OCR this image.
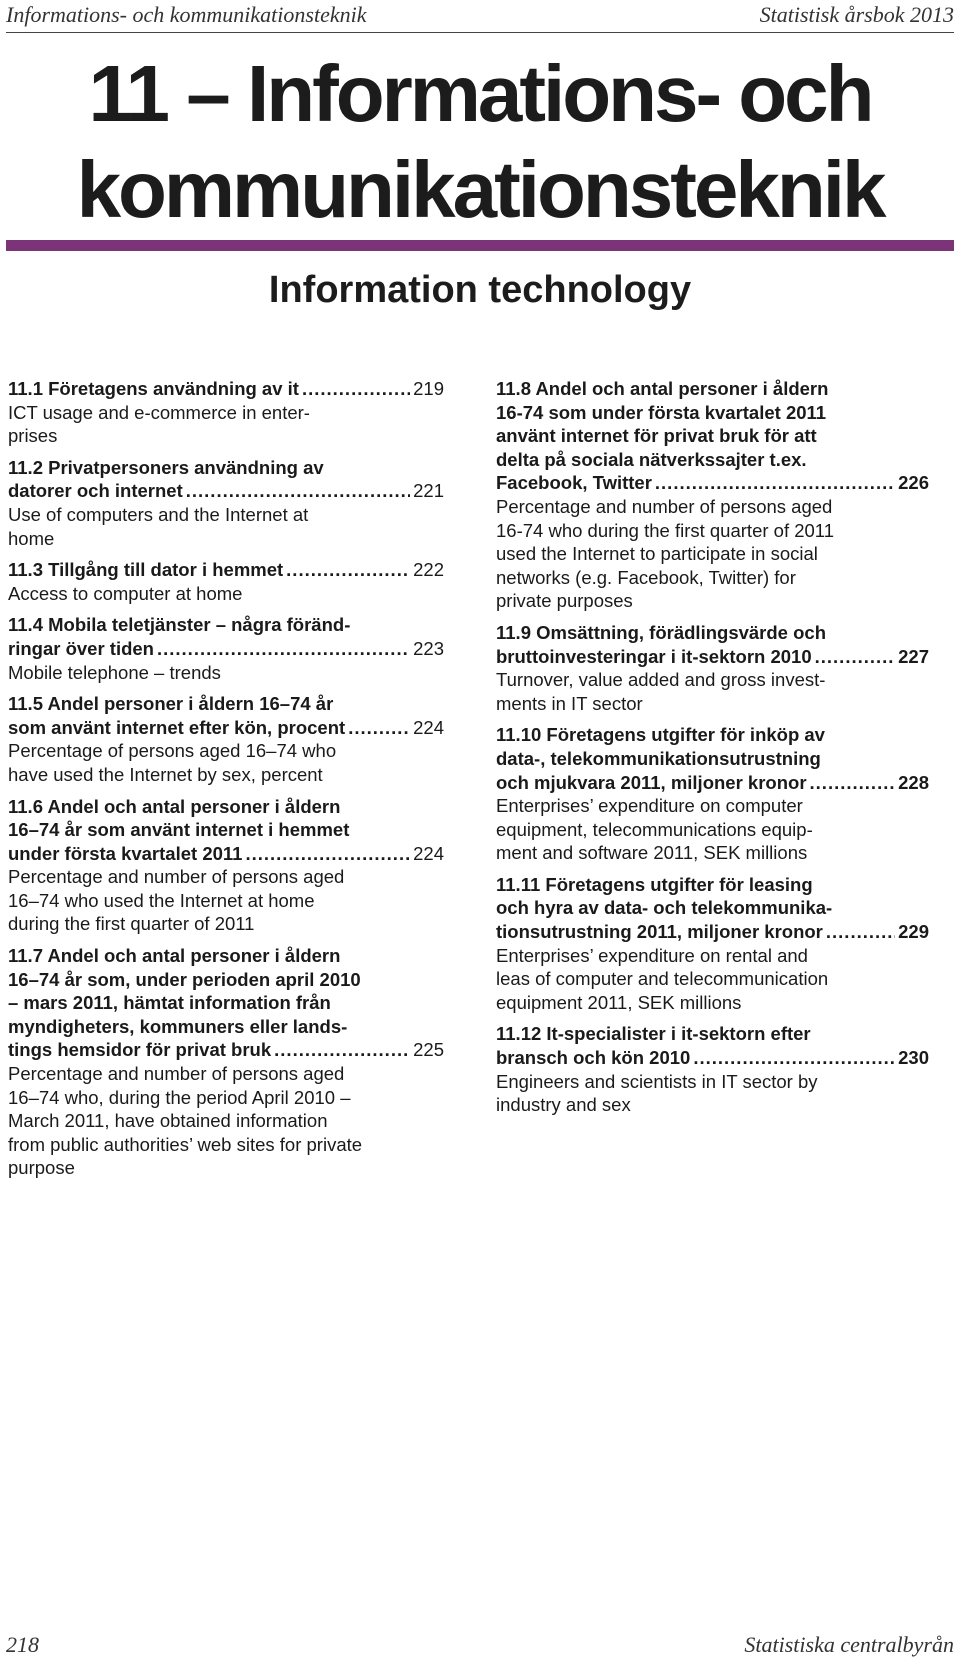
Informations- och kommunikationsteknik	Statistisk årsbok 2013
11 – Informations- och
kommunikationsteknik
Information technology
11.1 Företagens användning av it .....	219
ICT usage and e-commerce in enter-
prises
11.2 Privatpersoners användning av
datorer och internet .....	221
Use of computers and the Internet at
home
11.3 Tillgång till dator i hemmet .....	222
Access to computer at home
11.4 Mobila teletjänster – några föränd-
ringar över tiden .....	223
Mobile telephone – trends
11.5 Andel personer i åldern 16–74 år
som använt internet efter kön, procent .....	224
Percentage of persons aged 16–74 who
have used the Internet by sex, percent
11.6 Andel och antal personer i åldern
16–74 år som använt internet i hemmet
under första kvartalet 2011 .....	224
Percentage and number of persons aged
16–74 who used the Internet at home
during the first quarter of 2011
11.7 Andel och antal personer i åldern
16–74 år som, under perioden april 2010
– mars 2011, hämtat information från
myndigheters, kommuners eller lands-
tings hemsidor för privat bruk .....	225
Percentage and number of persons aged
16–74 who, during the period April 2010 –
March 2011, have obtained information
from public authorities’ web sites for private
purpose
11.8 Andel och antal personer i åldern
16-74 som under första kvartalet 2011
använt internet för privat bruk för att
delta på sociala nätverkssajter t.ex.
Facebook, Twitter .....	226
Percentage and number of persons aged
16-74 who during the first quarter of 2011
used the Internet to participate in social
networks (e.g. Facebook, Twitter) for
private purposes
11.9 Omsättning, förädlingsvärde och
bruttoinvesteringar i it-sektorn 2010 .....	227
Turnover, value added and gross invest-
ments in IT sector
11.10 Företagens utgifter för inköp av
data-, telekommunikationsutrustning
och mjukvara 2011, miljoner kronor .....	228
Enterprises’ expenditure on computer
equipment, telecommunications equip-
ment and software 2011, SEK millions
11.11 Företagens utgifter för leasing
och hyra av data- och telekommunika-
tionsutrustning 2011, miljoner kronor .....	229
Enterprises’ expenditure on rental and
leas of computer and telecommunication
equipment 2011, SEK millions
11.12 It-specialister i it-sektorn efter
bransch och kön 2010 .....	230
Engineers and scientists in IT sector by
industry and sex
218	Statistiska centralbyrån
